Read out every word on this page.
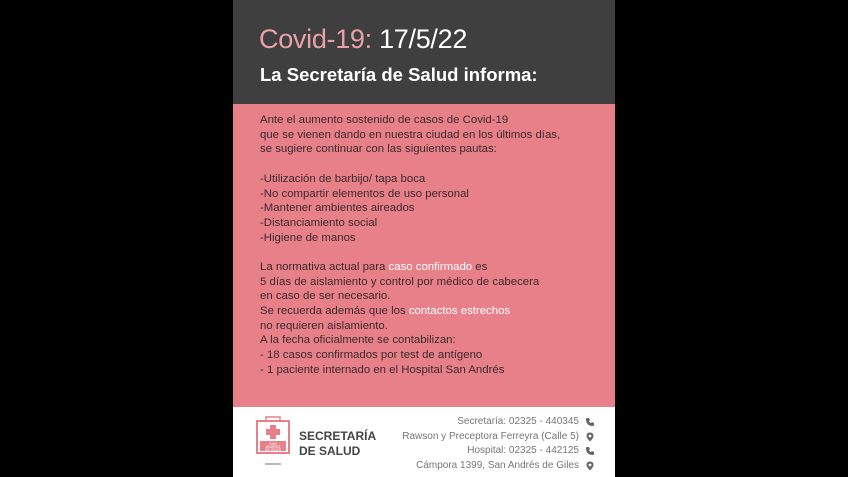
Covid-19: 17/5/22
La Secretaría de Salud informa:
Ante el aumento sostenido de casos de Covid-19
que se vienen dando en nuestra ciudad en los últimos días,
se sugiere continuar con las siguientes pautas:
-Utilización de barbijo/ tapa boca
-No compartir elementos de uso personal
-Mantener ambientes aireados
-Distanciamiento social
-Higiene de manos
La normativa actual para caso confirmado es
5 días de aislamiento y control por médico de cabecera
en caso de ser necesario.
Se recuerda además que los contactos estrechos
no requieren aislamiento.
A la fecha oficialmente se contabilizan:
- 18 casos confirmados por test de antígeno
- 1 paciente internado en el Hospital San Andrés
SAN
ANDRÉS
DE GILES
SECRETARÍA
DE SALUD
Secretaría: 02325 - 440345
Rawson y Preceptora Ferreyra (Calle 5)
Hospital: 02325 - 442125
Cámpora 1399, San Andrés de Giles
